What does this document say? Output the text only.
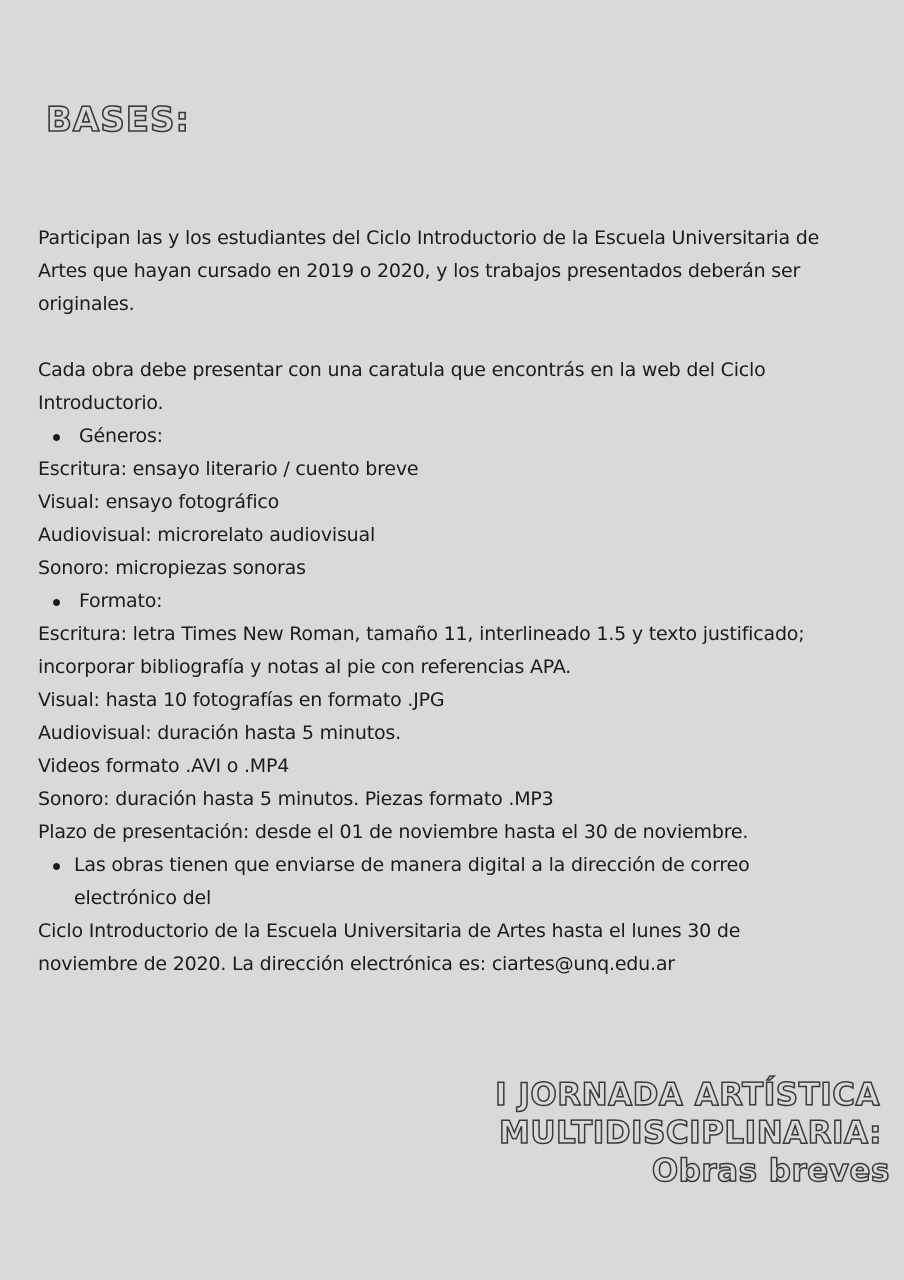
BASES:
Participan las y los estudiantes del Ciclo Introductorio de la Escuela Universitaria de
Artes que hayan cursado en 2019 o 2020, y los trabajos presentados deberán ser
originales.
Cada obra debe presentar con una caratula que encontrás en la web del Ciclo
Introductorio.
Géneros:
Escritura: ensayo literario / cuento breve
Visual: ensayo fotográfico
Audiovisual: microrelato audiovisual
Sonoro: micropiezas sonoras
Formato:
Escritura: letra Times New Roman, tamaño 11, interlineado 1.5 y texto justificado;
incorporar bibliografía y notas al pie con referencias APA.
Visual: hasta 10 fotografías en formato .JPG
Audiovisual: duración hasta 5 minutos.
Videos formato .AVI o .MP4
Sonoro: duración hasta 5 minutos. Piezas formato .MP3
Plazo de presentación: desde el 01 de noviembre hasta el 30 de noviembre.
Las obras tienen que enviarse de manera digital a la dirección de correo
electrónico del
Ciclo Introductorio de la Escuela Universitaria de Artes hasta el lunes 30 de
noviembre de 2020. La dirección electrónica es: ciartes@unq.edu.ar
I JORNADA ARTÍSTICA
MULTIDISCIPLINARIA:
Obras breves
